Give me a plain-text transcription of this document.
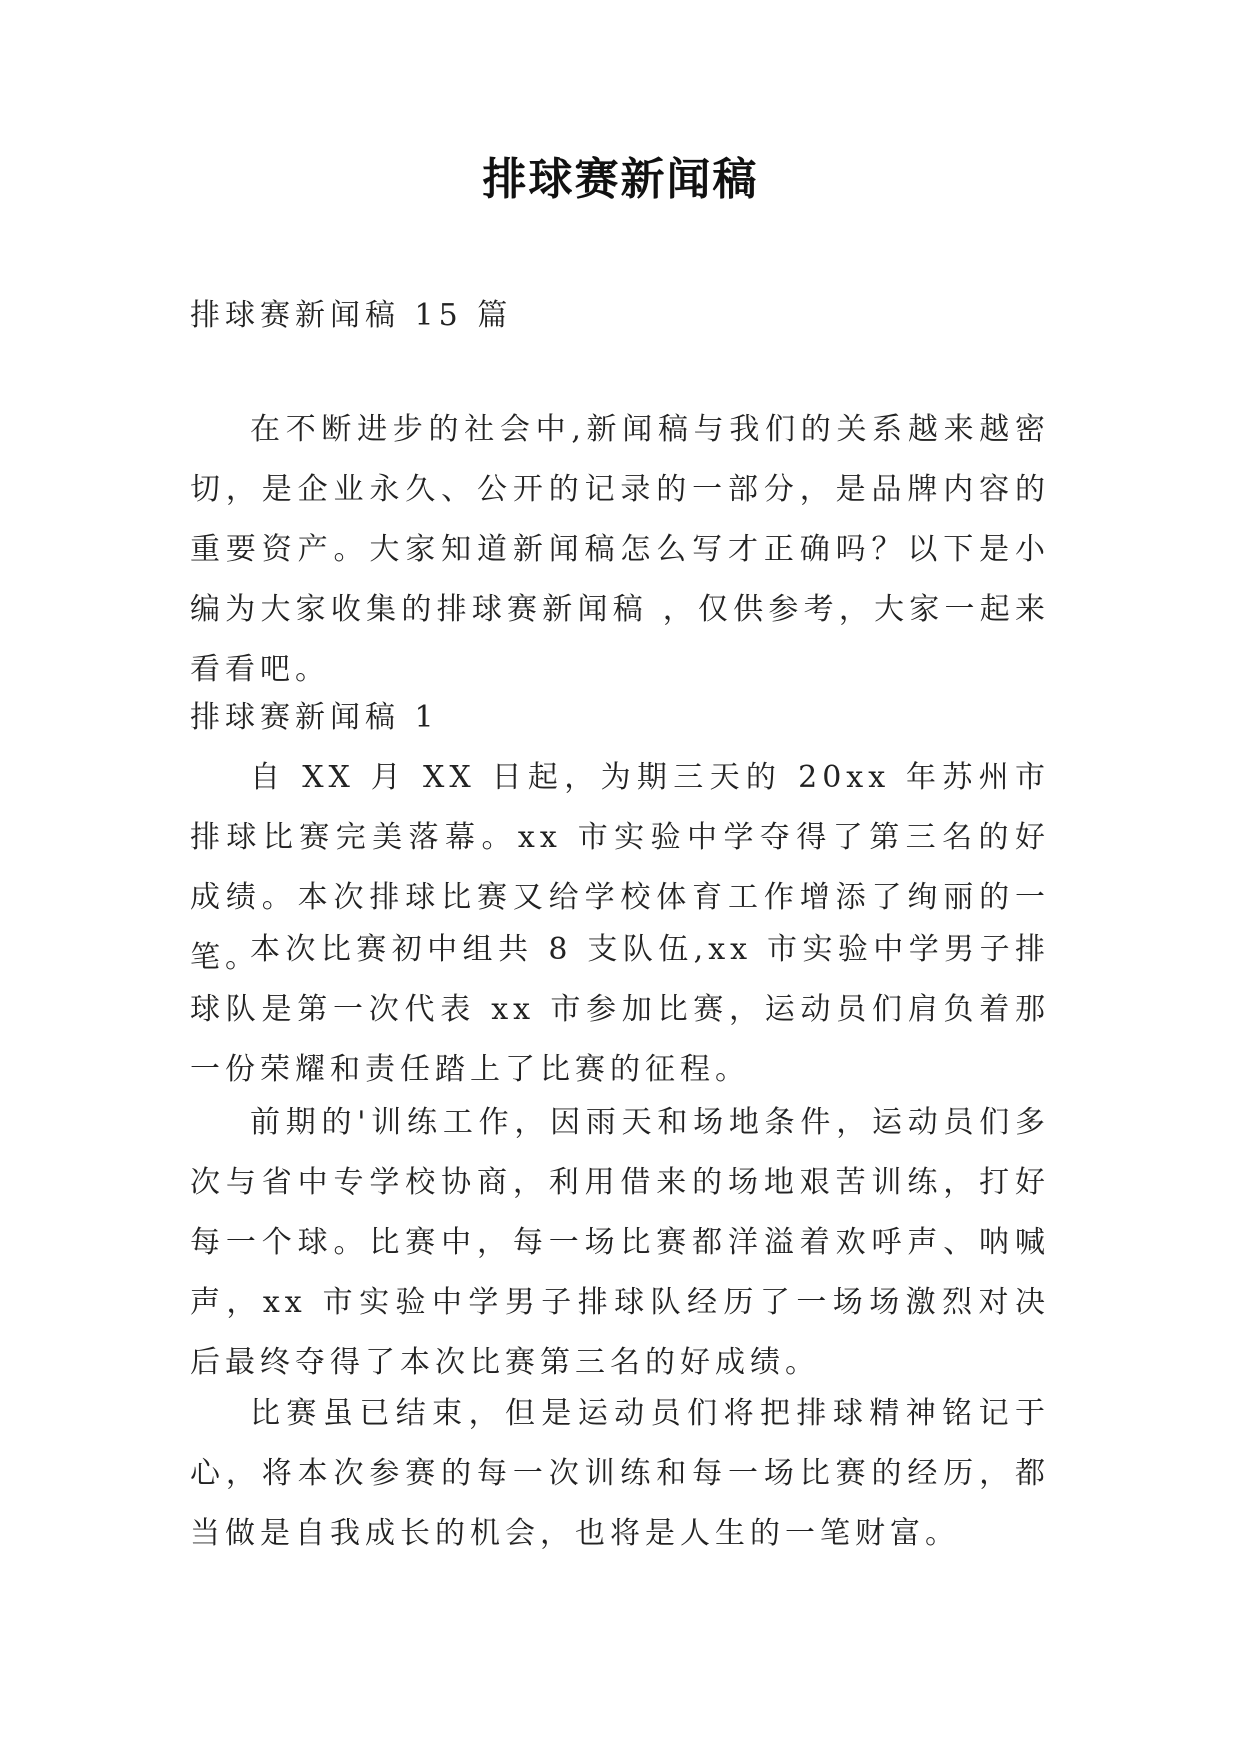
排球赛新闻稿
排球赛新闻稿 15 篇

在不断进步的社会中,新闻稿与我们的关系越来越密切，是企业永久、公开的记录的一部分，是品牌内容的重要资产。大家知道新闻稿怎么写才正确吗？以下是小编为大家收集的排球赛新闻稿 ，仅供参考，大家一起来看看吧。

排球赛新闻稿 1

自 XX 月 XX 日起，为期三天的 20xx 年苏州市排球比赛完美落幕。xx 市实验中学夺得了第三名的好成绩。本次排球比赛又给学校体育工作增添了绚丽的一笔。

本次比赛初中组共 8 支队伍,xx 市实验中学男子排球队是第一次代表 xx 市参加比赛，运动员们肩负着那一份荣耀和责任踏上了比赛的征程。

前期的'训练工作，因雨天和场地条件，运动员们多次与省中专学校协商，利用借来的场地艰苦训练，打好每一个球。比赛中，每一场比赛都洋溢着欢呼声、呐喊声，xx 市实验中学男子排球队经历了一场场激烈对决后最终夺得了本次比赛第三名的好成绩。

比赛虽已结束，但是运动员们将把排球精神铭记于心，将本次参赛的每一次训练和每一场比赛的经历，都当做是自我成长的机会，也将是人生的一笔财富。
